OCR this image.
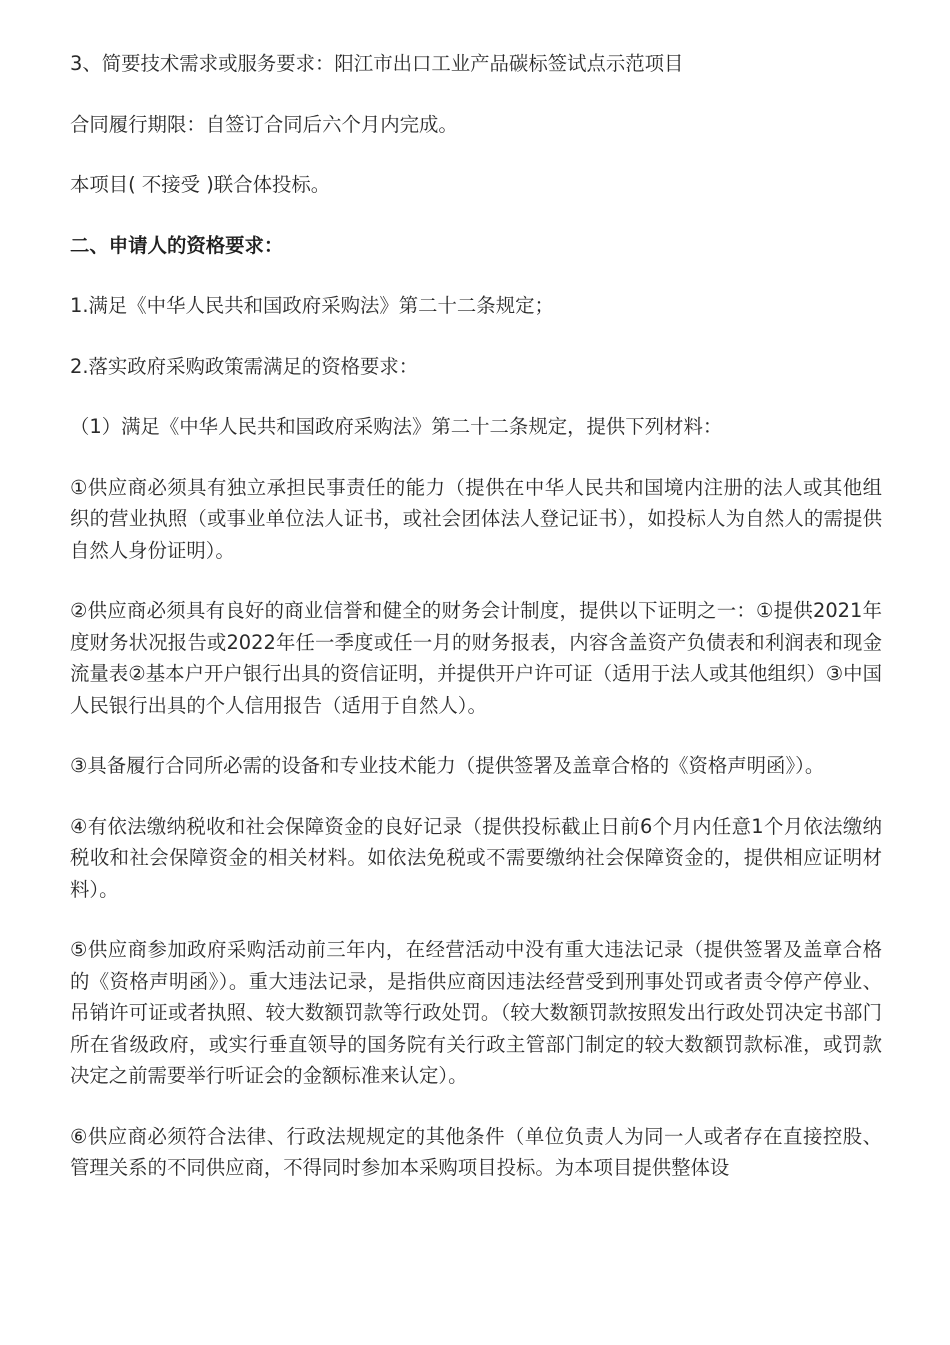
3、简要技术需求或服务要求：阳江市出口工业产品碳标签试点示范项目

合同履行期限：自签订合同后六个月内完成。

本项目( 不接受 )联合体投标。

二、申请人的资格要求：

1.满足《中华人民共和国政府采购法》第二十二条规定；

2.落实政府采购政策需满足的资格要求：

（1）满足《中华人民共和国政府采购法》第二十二条规定，提供下列材料：

①供应商必须具有独立承担民事责任的能力（提供在中华人民共和国境内注册的法人或其他组织的营业执照（或事业单位法人证书，或社会团体法人登记证书），如投标人为自然人的需提供自然人身份证明）。

②供应商必须具有良好的商业信誉和健全的财务会计制度，提供以下证明之一：①提供2021年度财务状况报告或2022年任一季度或任一月的财务报表，内容含盖资产负债表和利润表和现金流量表②基本户开户银行出具的资信证明，并提供开户许可证（适用于法人或其他组织）③中国人民银行出具的个人信用报告（适用于自然人）。

③具备履行合同所必需的设备和专业技术能力（提供签署及盖章合格的《资格声明函》）。

④有依法缴纳税收和社会保障资金的良好记录（提供投标截止日前6个月内任意1个月依法缴纳税收和社会保障资金的相关材料。如依法免税或不需要缴纳社会保障资金的，提供相应证明材料）。

⑤供应商参加政府采购活动前三年内，在经营活动中没有重大违法记录（提供签署及盖章合格的《资格声明函》）。重大违法记录，是指供应商因违法经营受到刑事处罚或者责令停产停业、吊销许可证或者执照、较大数额罚款等行政处罚。（较大数额罚款按照发出行政处罚决定书部门所在省级政府，或实行垂直领导的国务院有关行政主管部门制定的较大数额罚款标准，或罚款决定之前需要举行听证会的金额标准来认定）。

⑥供应商必须符合法律、行政法规规定的其他条件（单位负责人为同一人或者存在直接控股、管理关系的不同供应商，不得同时参加本采购项目投标。为本项目提供整体设
